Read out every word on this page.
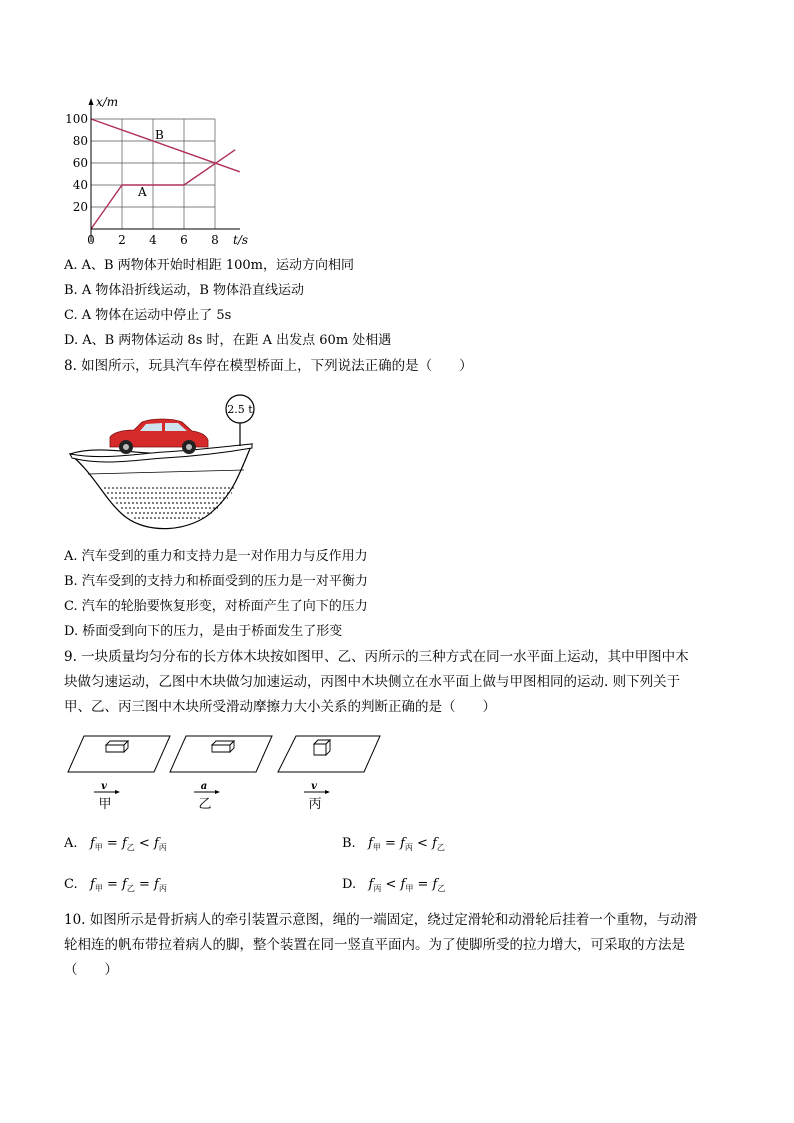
x/m
t/s
100
80
60
40
20
0 2 4 6 8
B
A
A. A、B 两物体开始时相距 100m，运动方向相同
B. A 物体沿折线运动，B 物体沿直线运动
C. A 物体在运动中停止了 5s
D. A、B 两物体运动 8s 时，在距 A 出发点 60m 处相遇
8. 如图所示，玩具汽车停在模型桥面上，下列说法正确的是（　　）
2.5 t
A. 汽车受到的重力和支持力是一对作用力与反作用力
B. 汽车受到的支持力和桥面受到的压力是一对平衡力
C. 汽车的轮胎要恢复形变，对桥面产生了向下的压力
D. 桥面受到向下的压力，是由于桥面发生了形变
9. 一块质量均匀分布的长方体木块按如图甲、乙、丙所示的三种方式在同一水平面上运动，其中甲图中木
块做匀速运动，乙图中木块做匀加速运动，丙图中木块侧立在水平面上做与甲图相同的运动. 则下列关于
甲、乙、丙三图中木块所受滑动摩擦力大小关系的判断正确的是（　　）
v
甲
a
乙
v
丙
A. $f_甲 = f_乙 < f_丙$	B. $f_甲 = f_丙 < f_乙$
C. $f_甲 = f_乙 = f_丙$	D. $f_丙 < f_甲 = f_乙$
10. 如图所示是骨折病人的牵引装置示意图，绳的一端固定，绕过定滑轮和动滑轮后挂着一个重物，与动滑
轮相连的帆布带拉着病人的脚，整个装置在同一竖直平面内。为了使脚所受的拉力增大，可采取的方法是
（　　）
